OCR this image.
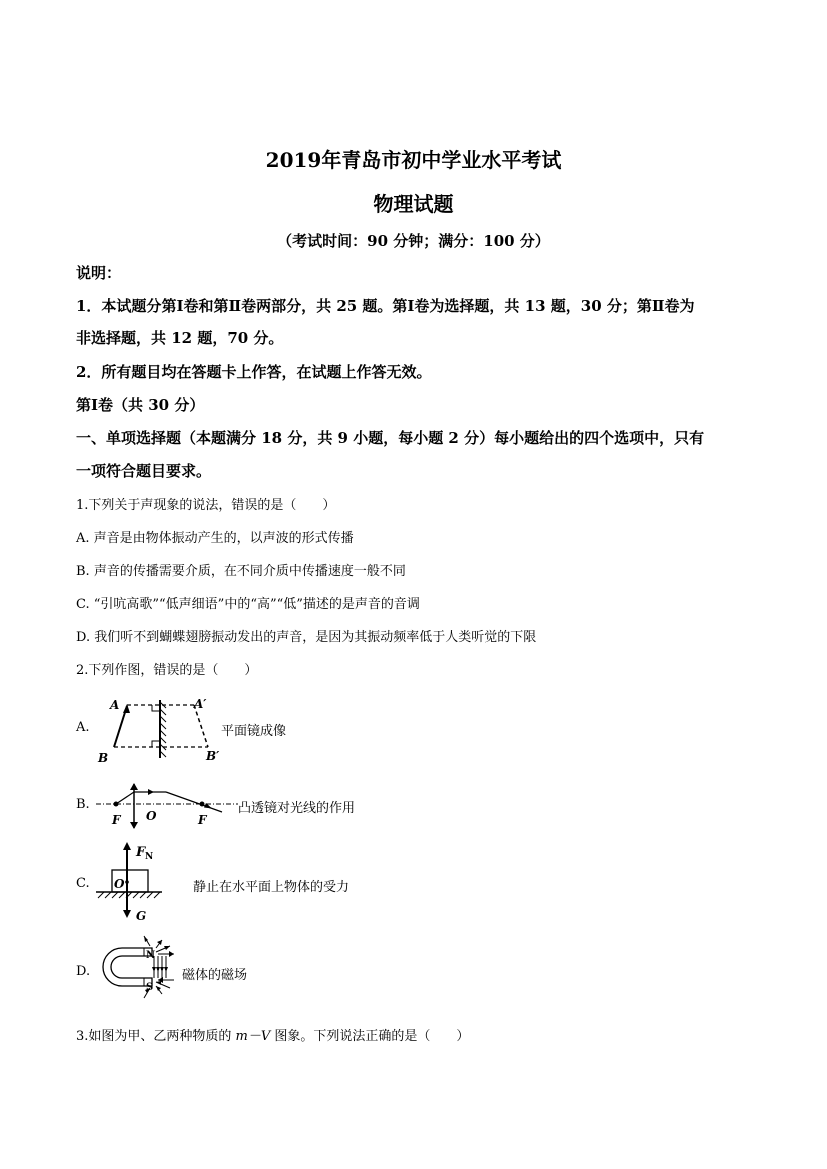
2019年青岛市初中学业水平考试
物理试题
（考试时间：90 分钟；满分：100 分）
说明：
1．本试题分第Ⅰ卷和第Ⅱ卷两部分，共 25 题。第Ⅰ卷为选择题，共 13 题，30 分；第Ⅱ卷为
非选择题，共 12 题，70 分。
2．所有题目均在答题卡上作答，在试题上作答无效。
第Ⅰ卷（共 30 分）
一、单项选择题（本题满分 18 分，共 9 小题，每小题 2 分）每小题给出的四个选项中，只有
一项符合题目要求。
1.下列关于声现象的说法，错误的是（　　）
A. 声音是由物体振动产生的，以声波的形式传播
B. 声音的传播需要介质，在不同介质中传播速度一般不同
C. “引吭高歌”“低声细语”中的“高”“低”描述的是声音的音调
D. 我们听不到蝴蝶翅膀振动发出的声音，是因为其振动频率低于人类听觉的下限
2.下列作图，错误的是（　　）
A.
A	A′
B	B′
平面镜成像
B.
F O	F
凸透镜对光线的作用
C.
F N
O
G
静止在水平面上物体的受力
D.
N
S
磁体的磁场
3.如图为甲、乙两种物质的 m－V 图象。下列说法正确的是（　　）
